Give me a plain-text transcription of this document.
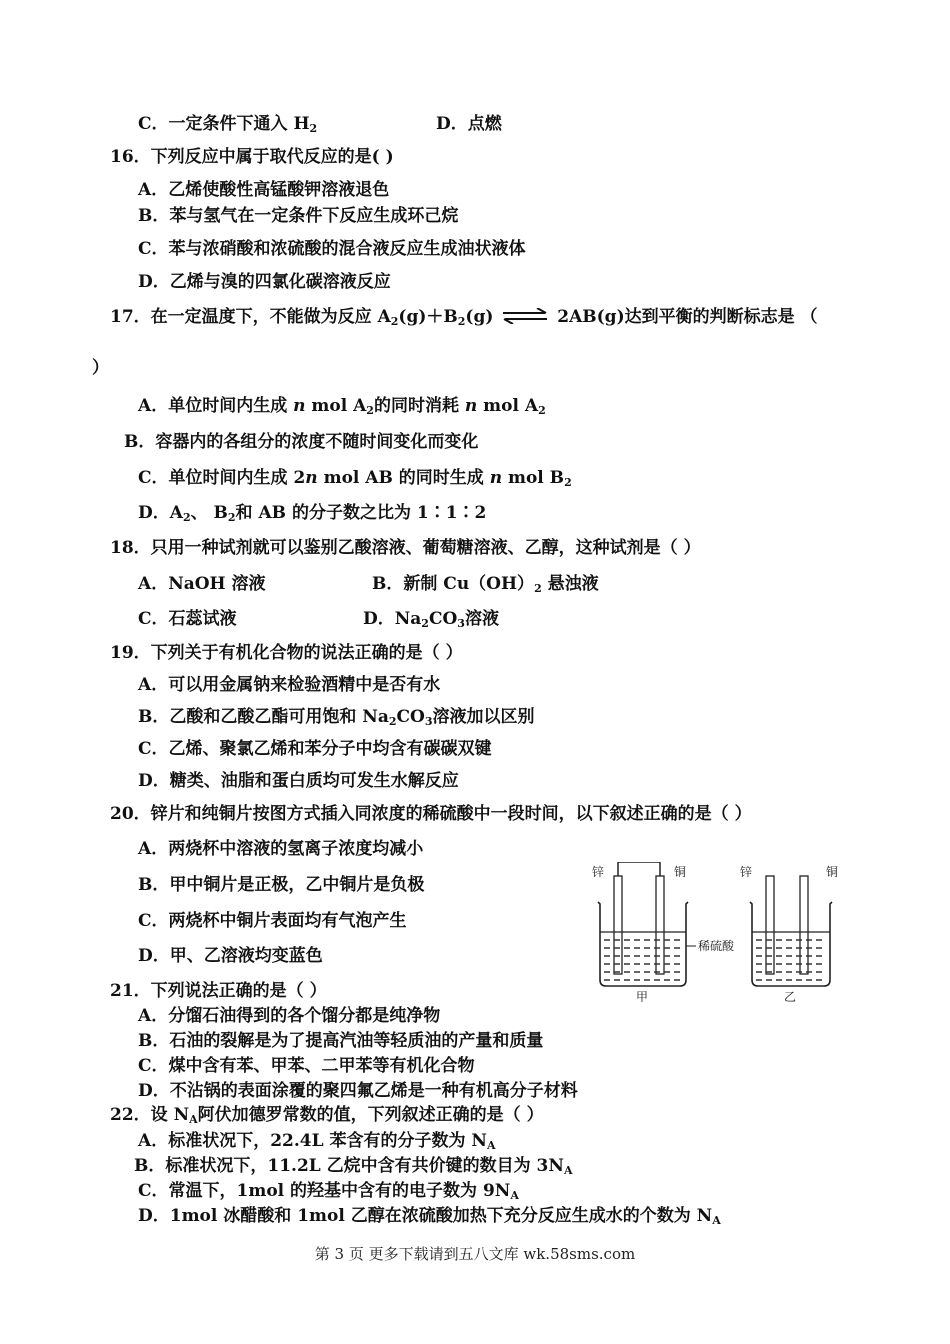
C．一定条件下通入 $H_2$	D．点燃
16．下列反应中属于取代反应的是( )
A．乙烯使酸性高锰酸钾溶液退色
B．苯与氢气在一定条件下反应生成环己烷
C．苯与浓硝酸和浓硫酸的混合液反应生成油状液体
D．乙烯与溴的四氯化碳溶液反应
17．在一定温度下，不能做为反应 $A_2(g)+B_2(g)$ ⇌ 2AB(g)达到平衡的判断标志是 （
）
A．单位时间内生成 n mol $A_2$的同时消耗 n mol $A_2$
B．容器内的各组分的浓度不随时间变化而变化
C．单位时间内生成 2n mol AB 的同时生成 n mol $B_2$
D．$A_2$、 $B_2$和 AB 的分子数之比为 1∶1∶2
18．只用一种试剂就可以鉴别乙酸溶液、葡萄糖溶液、乙醇，这种试剂是（ ）
A．NaOH 溶液	B．新制 $Cu(OH)_2$ 悬浊液
C．石蕊试液	D．$Na_2CO_3$溶液
19．下列关于有机化合物的说法正确的是（ ）
A．可以用金属钠来检验酒精中是否有水
B．乙酸和乙酸乙酯可用饱和 $Na_2CO_3$溶液加以区别
C．乙烯、聚氯乙烯和苯分子中均含有碳碳双键
D．糖类、油脂和蛋白质均可发生水解反应
20．锌片和纯铜片按图方式插入同浓度的稀硫酸中一段时间，以下叙述正确的是（ ）
A．两烧杯中溶液的氢离子浓度均减小
B．甲中铜片是正极，乙中铜片是负极
C．两烧杯中铜片表面均有气泡产生
D．甲、乙溶液均变蓝色
锌	铜
稀硫酸
甲
锌	铜
乙
21．下列说法正确的是（ ）
A．分馏石油得到的各个馏分都是纯净物
B．石油的裂解是为了提高汽油等轻质油的产量和质量
C．煤中含有苯、甲苯、二甲苯等有机化合物
D．不沾锅的表面涂覆的聚四氟乙烯是一种有机高分子材料
22．设 $N_A$阿伏加德罗常数的值，下列叙述正确的是（ ）
A．标准状况下，22.4L 苯含有的分子数为 $N_A$
B．标准状况下，11.2L 乙烷中含有共价键的数目为 $3N_A$
C．常温下，1mol 的羟基中含有的电子数为 $9N_A$
D．1mol 冰醋酸和 1mol 乙醇在浓硫酸加热下充分反应生成水的个数为 $N_A$
第 3 页 更多下载请到五八文库 wk.58sms.com
